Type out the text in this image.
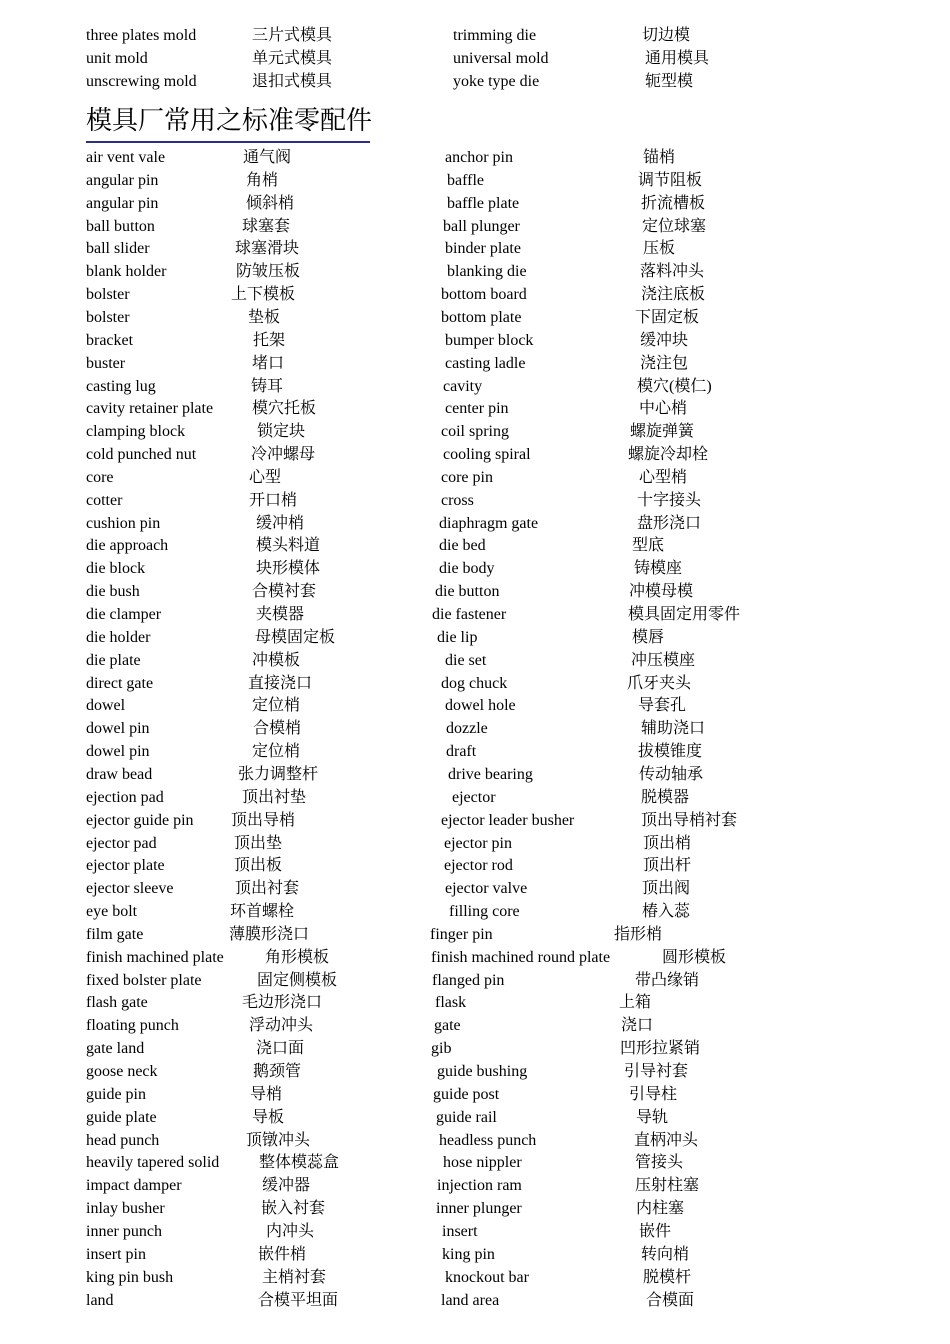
three plates mold	三片式模具	trimming die	切边模
unit mold	单元式模具	universal mold	通用模具
unscrewing mold	退扣式模具	yoke type die	轭型模
模具厂常用之标准零配件
air vent vale	通气阀	anchor pin	锚梢
angular pin	角梢	baffle	调节阻板
angular pin	倾斜梢	baffle plate	折流槽板
ball button	球塞套	ball plunger	定位球塞
ball slider	球塞滑块	binder plate	压板
blank holder	防皱压板	blanking die	落料冲头
bolster	上下模板	bottom board	浇注底板
bolster	垫板	bottom plate	下固定板
bracket	托架	bumper block	缓冲块
buster	堵口	casting ladle	浇注包
casting lug	铸耳	cavity	模穴(模仁)
cavity retainer plate 模穴托板	center pin	中心梢
clamping block	锁定块	coil spring	螺旋弹簧
cold punched nut	冷冲螺母	cooling spiral	螺旋冷却栓
core	心型	core pin	心型梢
cotter	开口梢	cross	十字接头
cushion pin	缓冲梢	diaphragm gate	盘形浇口
die approach	模头料道	die bed	型底
die block	块形模体	die body	铸模座
die bush	合模衬套	die button	冲模母模
die clamper	夹模器	die fastener	模具固定用零件
die holder	母模固定板	die lip	模唇
die plate	冲模板	die set	冲压模座
direct gate	直接浇口	dog chuck	爪牙夹头
dowel	定位梢	dowel hole	导套孔
dowel pin	合模梢	dozzle	辅助浇口
dowel pin	定位梢	draft	拔模锥度
draw bead	张力调整杆	drive bearing	传动轴承
ejection pad	顶出衬垫	ejector	脱模器
ejector guide pin 顶出导梢	ejector leader busher	顶出导梢衬套
ejector pad	顶出垫	ejector pin	顶出梢
ejector plate	顶出板	ejector rod	顶出杆
ejector sleeve	顶出衬套	ejector valve	顶出阀
eye bolt	环首螺栓	filling core	椿入蕊
film gate	薄膜形浇口	finger pin	指形梢
finish machined plate	角形模板	finish machined round plate	圆形模板
fixed bolster plate	固定侧模板	flanged pin	带凸缘销
flash gate	毛边形浇口	flask	上箱
floating punch	浮动冲头	gate	浇口
gate land	浇口面	gib	凹形拉紧销
goose neck	鹅颈管	guide bushing	引导衬套
guide pin	导梢	guide post	引导柱
guide plate	导板	guide rail	导轨
head punch	顶镦冲头	headless punch	直柄冲头
heavily tapered solid 整体模蕊盒	hose nippler	管接头
impact damper	缓冲器	injection ram	压射柱塞
inlay busher	嵌入衬套	inner plunger	内柱塞
inner punch	内冲头	insert	嵌件
insert pin	嵌件梢	king pin	转向梢
king pin bush	主梢衬套	knockout bar	脱模杆
land	合模平坦面	land area	合模面
